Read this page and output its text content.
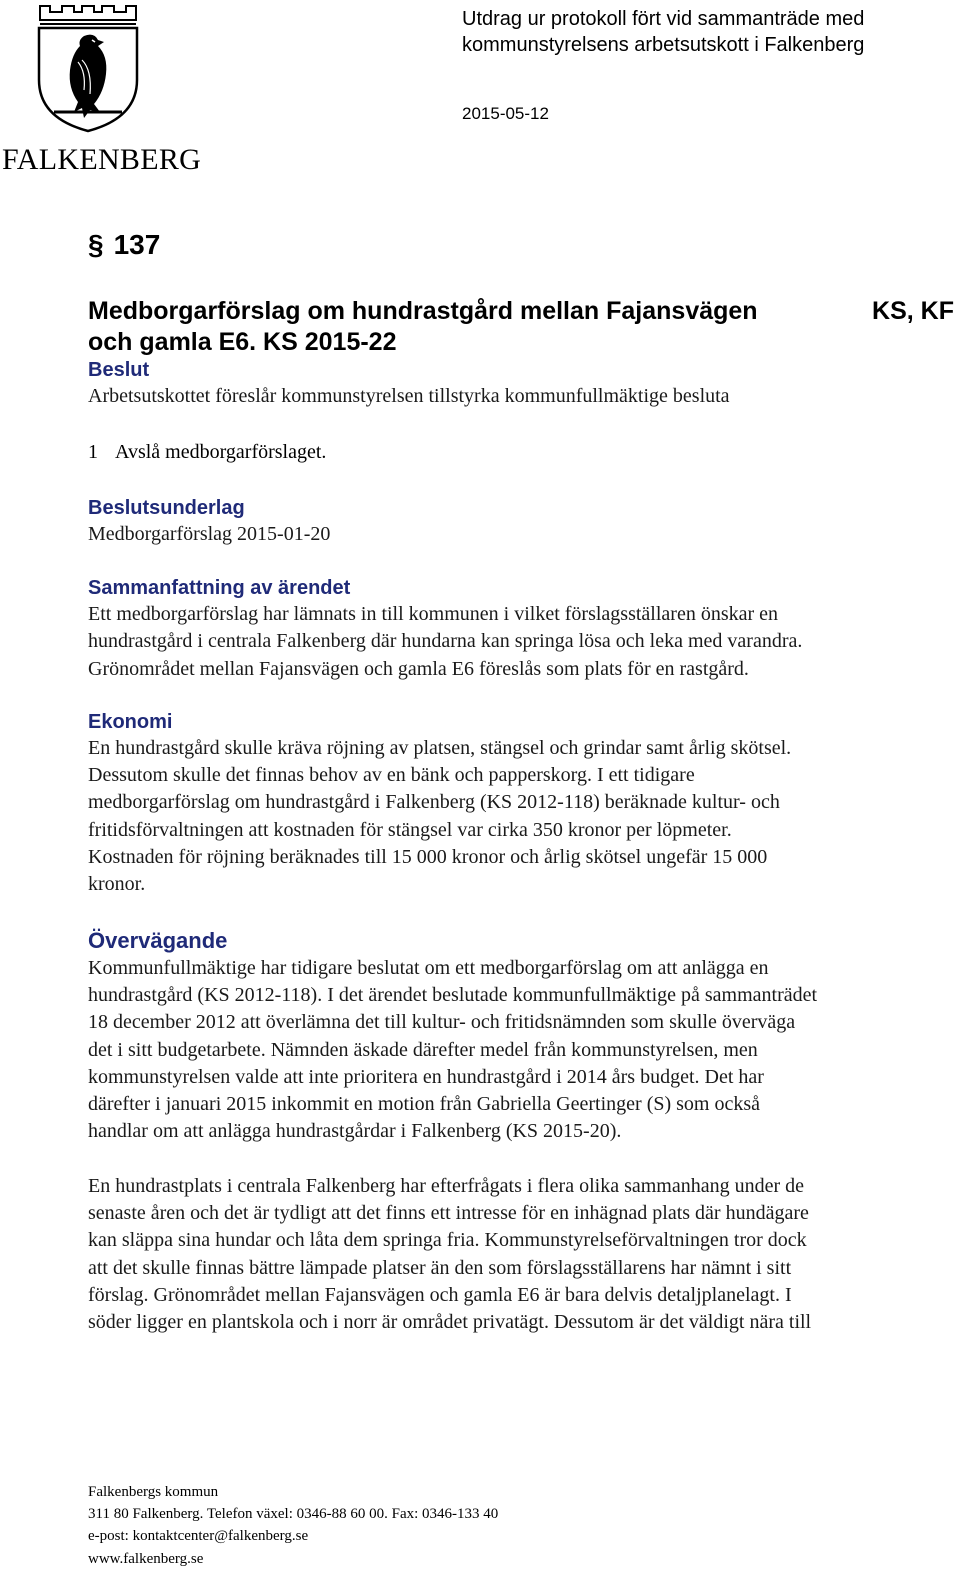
FALKENBERG
Utdrag ur protokoll fört vid sammanträde med
kommunstyrelsens arbetsutskott i Falkenberg
2015-05-12
§ 137
Medborgarförslag om hundrastgård mellan Fajansvägen
och gamla E6. KS 2015-22
KS, KF
Beslut
Arbetsutskottet föreslår kommunstyrelsen tillstyrka kommunfullmäktige besluta
1 Avslå medborgarförslaget.
Beslutsunderlag
Medborgarförslag 2015-01-20
Sammanfattning av ärendet
Ett medborgarförslag har lämnats in till kommunen i vilket förslagsställaren önskar en
hundrastgård i centrala Falkenberg där hundarna kan springa lösa och leka med varandra.
Grönområdet mellan Fajansvägen och gamla E6 föreslås som plats för en rastgård.
Ekonomi
En hundrastgård skulle kräva röjning av platsen, stängsel och grindar samt årlig skötsel.
Dessutom skulle det finnas behov av en bänk och papperskorg. I ett tidigare
medborgarförslag om hundrastgård i Falkenberg (KS 2012-118) beräknade kultur- och
fritidsförvaltningen att kostnaden för stängsel var cirka 350 kronor per löpmeter.
Kostnaden för röjning beräknades till 15 000 kronor och årlig skötsel ungefär 15 000
kronor.
Övervägande
Kommunfullmäktige har tidigare beslutat om ett medborgarförslag om att anlägga en
hundrastgård (KS 2012-118). I det ärendet beslutade kommunfullmäktige på sammanträdet
18 december 2012 att överlämna det till kultur- och fritidsnämnden som skulle överväga
det i sitt budgetarbete. Nämnden äskade därefter medel från kommunstyrelsen, men
kommunstyrelsen valde att inte prioritera en hundrastgård i 2014 års budget. Det har
därefter i januari 2015 inkommit en motion från Gabriella Geertinger (S) som också
handlar om att anlägga hundrastgårdar i Falkenberg (KS 2015-20).
En hundrastplats i centrala Falkenberg har efterfrågats i flera olika sammanhang under de
senaste åren och det är tydligt att det finns ett intresse för en inhägnad plats där hundägare
kan släppa sina hundar och låta dem springa fria. Kommunstyrelseförvaltningen tror dock
att det skulle finnas bättre lämpade platser än den som förslagsställarens har nämnt i sitt
förslag. Grönområdet mellan Fajansvägen och gamla E6 är bara delvis detaljplanelagt. I
söder ligger en plantskola och i norr är området privatägt. Dessutom är det väldigt nära till
Falkenbergs kommun
311 80 Falkenberg. Telefon växel: 0346-88 60 00. Fax: 0346-133 40
e-post: kontaktcenter@falkenberg.se
www.falkenberg.se
